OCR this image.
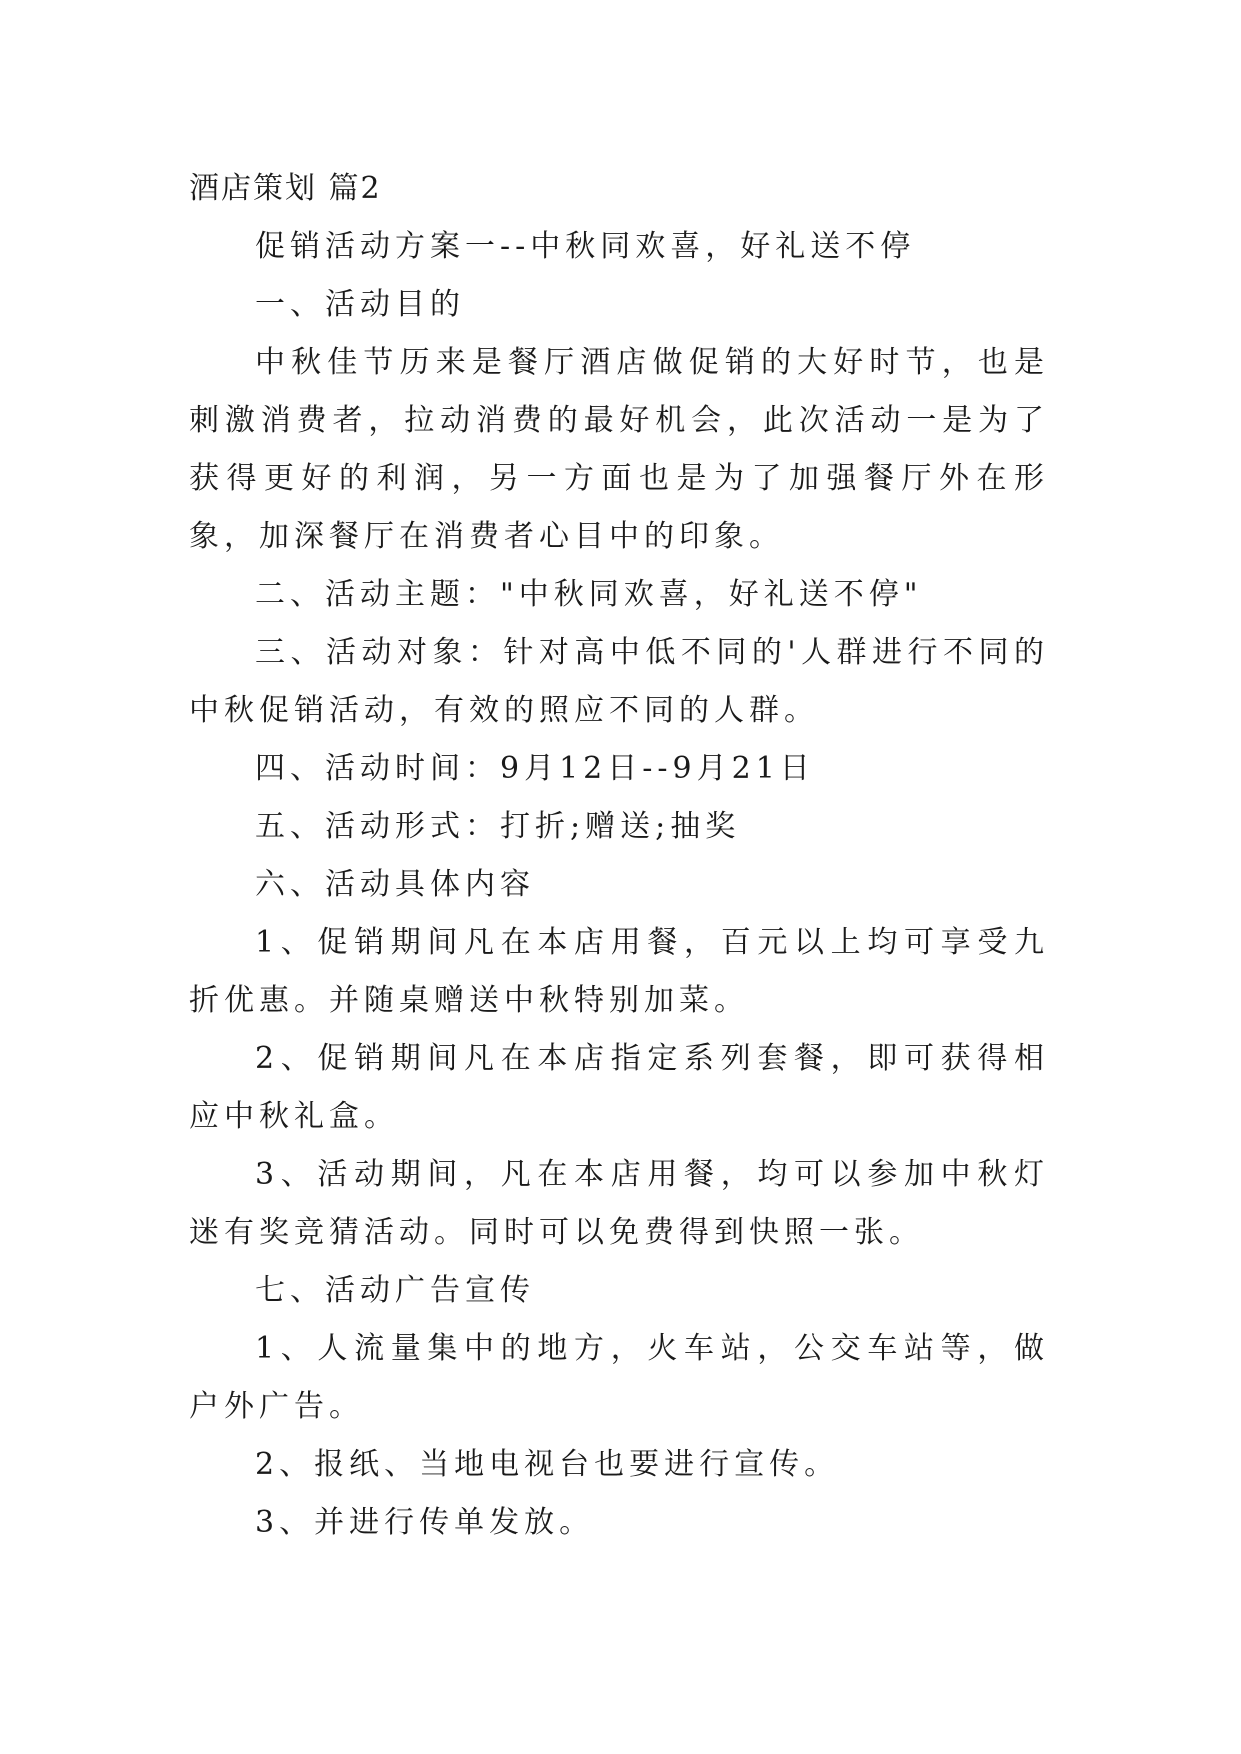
酒店策划 篇2

促销活动方案一--中秋同欢喜，好礼送不停

一、活动目的

中秋佳节历来是餐厅酒店做促销的大好时节，也是刺激消费者，拉动消费的最好机会，此次活动一是为了获得更好的利润，另一方面也是为了加强餐厅外在形象，加深餐厅在消费者心目中的印象。

二、活动主题："中秋同欢喜，好礼送不停"

三、活动对象：针对高中低不同的'人群进行不同的中秋促销活动，有效的照应不同的人群。

四、活动时间：9月12日--9月21日

五、活动形式：打折;赠送;抽奖

六、活动具体内容

1、促销期间凡在本店用餐，百元以上均可享受九折优惠。并随桌赠送中秋特别加菜。

2、促销期间凡在本店指定系列套餐，即可获得相应中秋礼盒。

3、活动期间，凡在本店用餐，均可以参加中秋灯迷有奖竞猜活动。同时可以免费得到快照一张。

七、活动广告宣传

1、人流量集中的地方，火车站，公交车站等，做户外广告。

2、报纸、当地电视台也要进行宣传。

3、并进行传单发放。
